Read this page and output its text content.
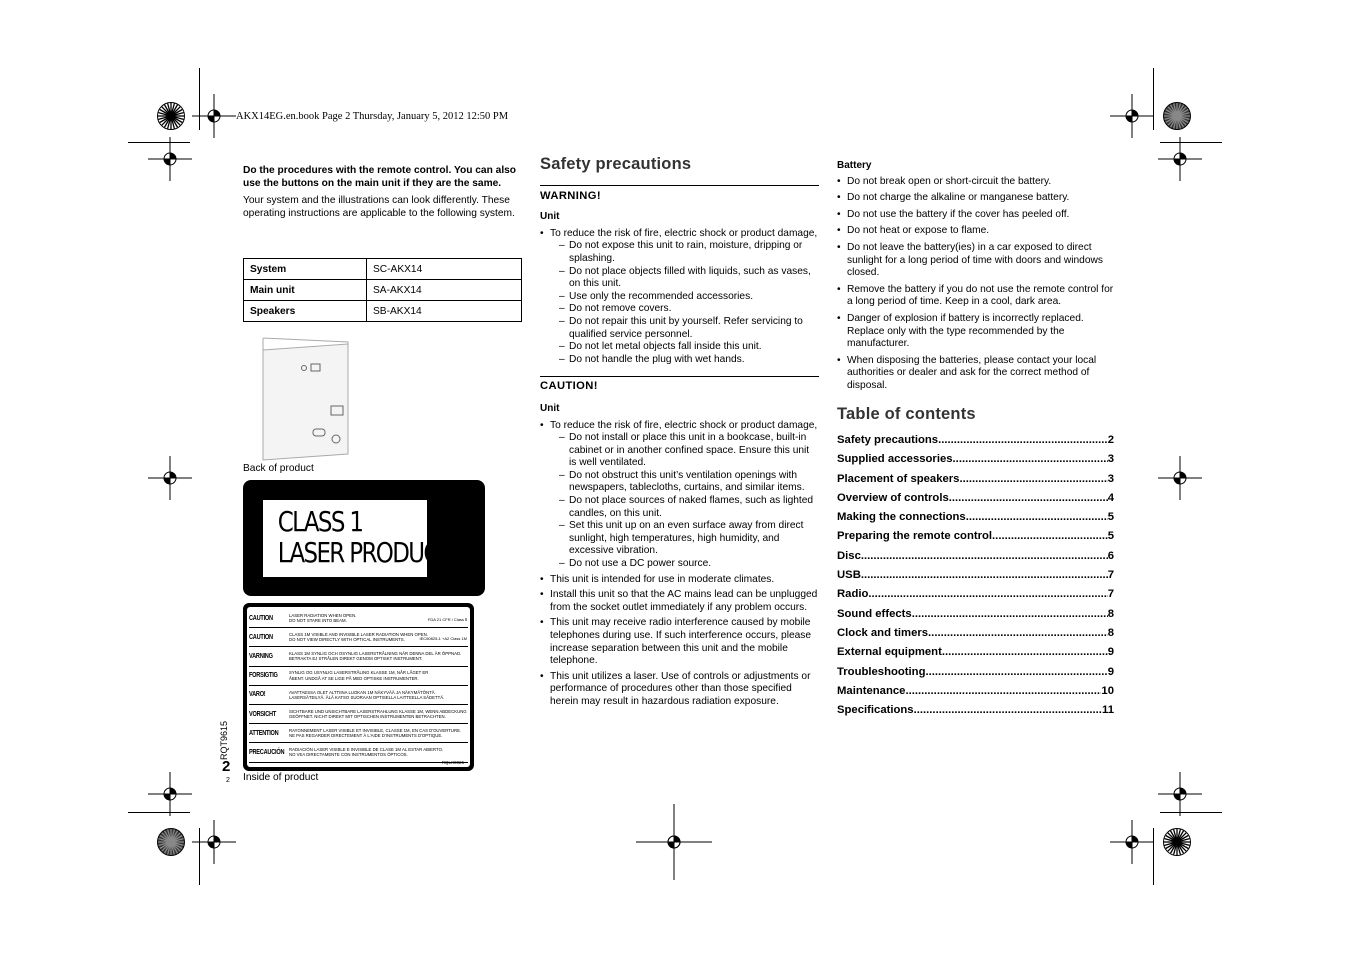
AKX14EG.en.book Page 2 Thursday, January 5, 2012 12:50 PM

Do the procedures with the remote control. You can also use the buttons on the main unit if they are the same.

Your system and the illustrations can look differently. These operating instructions are applicable to the following system.

System	SC-AKX14
Main unit	SA-AKX14
Speakers	SB-AKX14
Back of product
CLASS 1
LASER PRODUCT
CAUTION	LASER RADIATION WHEN OPEN.
DO NOT STARE INTO BEAM.	FDA 21 CFR / Class Ⅱ
CAUTION	CLASS 1M VISIBLE AND INVISIBLE LASER RADIATION WHEN OPEN.
DO NOT VIEW DIRECTLY WITH OPTICAL INSTRUMENTS.	IEC60825-1 +A2 Class 1M
VARNING	KLASS 1M SYNLIG OCH OSYNLIG LASERSTRÅLNING NÄR DENNA DEL ÄR ÖPPNAD.
BETRAKTA EJ STRÅLEN DIREKT GENOM OPTISKT INSTRUMENT.
FORSIGTIG	SYNLIG OG USYNLIG LASERSTRÅLING KLASSE 1M, NÅR LÅGET ER
ÅBENT. UNDGÅ AT SE LIGE PÅ MED OPTISKE INSTRUMENTER.
VARO!	AVATTAESSA OLET ALTTIINA LUOKAN 1M NÄKYVÄÄ JA NÄKYMÄTÖNTÄ
LASERSÄTEILYÄ. ÄLÄ KATSO SUORAAN OPTISELLA LAITTEELLA SÄDETTÄ.
VORSICHT	SICHTBARE UND UNSICHTBARE LASERSTRAHLUNG KLASSE 1M, WENN ABDECKUNG
GEÖFFNET. NICHT DIREKT MIT OPTISCHEN INSTRUMENTEN BETRACHTEN.
ATTENTION	RAYONNEMENT LASER VISIBLE ET INVISIBLE, CLASSE 1M, EN CAS D'OUVERTURE.
NE PAS REGARDER DIRECTEMENT À L'AIDE D'INSTRUMENTS D'OPTIQUE.
PRECAUCIÓN RADIACIÓN LASER VISIBLE E INVISIBLE DE CLASE 1M AL ESTAR ABIERTO.
NO VEA DIRECTAMENTE CON INSTRUMENTOS ÓPTICOS.
RQLX0026
Inside of product
RQT9615
2
2
Safety precautions
WARNING!
Unit
• To reduce the risk of fire, electric shock or product damage,
– Do not expose this unit to rain, moisture, dripping or splashing.
– Do not place objects filled with liquids, such as vases, on this unit.
– Use only the recommended accessories.
– Do not remove covers.
– Do not repair this unit by yourself. Refer servicing to qualified service personnel.
– Do not let metal objects fall inside this unit.
– Do not handle the plug with wet hands.
CAUTION!
Unit
• To reduce the risk of fire, electric shock or product damage,
– Do not install or place this unit in a bookcase, built-in cabinet or in another confined space. Ensure this unit is well ventilated.
– Do not obstruct this unit’s ventilation openings with newspapers, tablecloths, curtains, and similar items.
– Do not place sources of naked flames, such as lighted candles, on this unit.
– Set this unit up on an even surface away from direct sunlight, high temperatures, high humidity, and excessive vibration.
– Do not use a DC power source.
• This unit is intended for use in moderate climates.
• Install this unit so that the AC mains lead can be unplugged from the socket outlet immediately if any problem occurs.
• This unit may receive radio interference caused by mobile telephones during use. If such interference occurs, please increase separation between this unit and the mobile telephone.
• This unit utilizes a laser. Use of controls or adjustments or performance of procedures other than those specified herein may result in hazardous radiation exposure.
Battery
• Do not break open or short-circuit the battery.
• Do not charge the alkaline or manganese battery.
• Do not use the battery if the cover has peeled off.
• Do not heat or expose to flame.
• Do not leave the battery(ies) in a car exposed to direct sunlight for a long period of time with doors and windows closed.
• Remove the battery if you do not use the remote control for a long period of time. Keep in a cool, dark area.
• Danger of explosion if battery is incorrectly replaced. Replace only with the type recommended by the manufacturer.
• When disposing the batteries, please contact your local authorities or dealer and ask for the correct method of disposal.
Table of contents
Safety precautions .....	2
Supplied accessories .....	3
Placement of speakers .....	3
Overview of controls .....	4
Making the connections .....	5
Preparing the remote control .....	5
Disc .....	6
USB .....	7
Radio .....	7
Sound effects .....	8
Clock and timers .....	8
External equipment .....	9
Troubleshooting .....	9
Maintenance .....	10
Specifications .....	11
